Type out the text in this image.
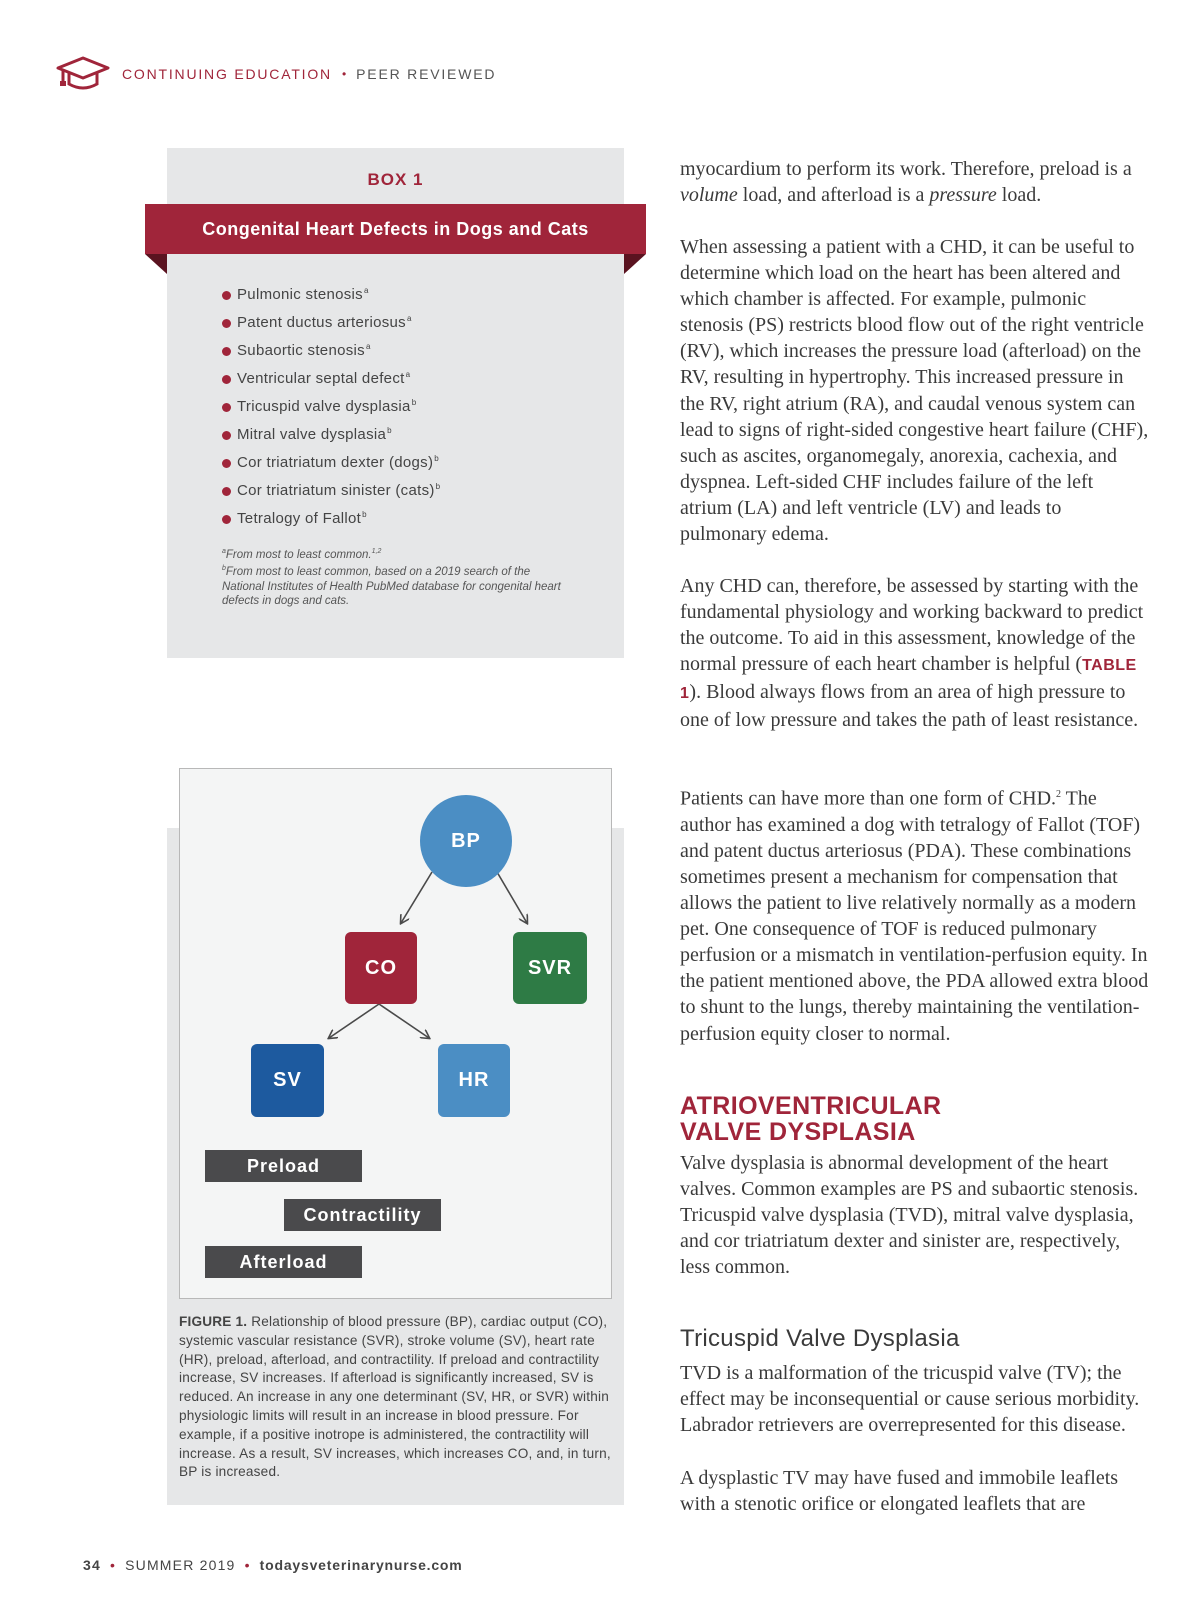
CONTINUING EDUCATION • PEER REVIEWED
BOX 1
Congenital Heart Defects in Dogs and Cats
Pulmonic stenosis$^a$
Patent ductus arteriosus$^a$
Subaortic stenosis$^a$
Ventricular septal defect$^a$
Tricuspid valve dysplasia$^b$
Mitral valve dysplasia$^b$
Cor triatriatum dexter (dogs)$^b$
Cor triatriatum sinister (cats)$^b$
Tetralogy of Fallot$^b$
$^a$From most to least common.$^{1,2}$
$^b$From most to least common, based on a 2019 search of the National Institutes of Health PubMed database for congenital heart defects in dogs and cats.
BP
CO	SVR
SV	HR
Preload
Contractility
Afterload
FIGURE 1. Relationship of blood pressure (BP), cardiac output (CO), systemic vascular resistance (SVR), stroke volume (SV), heart rate (HR), preload, afterload, and contractility. If preload and contractility increase, SV increases. If afterload is significantly increased, SV is reduced. An increase in any one determinant (SV, HR, or SVR) within physiologic limits will result in an increase in blood pressure. For example, if a positive inotrope is administered, the contractility will increase. As a result, SV increases, which increases CO, and, in turn, BP is increased.

myocardium to perform its work. Therefore, preload is a volume load, and afterload is a pressure load.

When assessing a patient with a CHD, it can be useful to determine which load on the heart has been altered and which chamber is affected. For example, pulmonic stenosis (PS) restricts blood flow out of the right ventricle (RV), which increases the pressure load (afterload) on the RV, resulting in hypertrophy. This increased pressure in the RV, right atrium (RA), and caudal venous system can lead to signs of right-sided congestive heart failure (CHF), such as ascites, organomegaly, anorexia, cachexia, and dyspnea. Left-sided CHF includes failure of the left atrium (LA) and left ventricle (LV) and leads to pulmonary edema.

Any CHD can, therefore, be assessed by starting with the fundamental physiology and working backward to predict the outcome. To aid in this assessment, knowledge of the normal pressure of each heart chamber is helpful (TABLE 1). Blood always flows from an area of high pressure to one of low pressure and takes the path of least resistance.

Patients can have more than one form of CHD.$^2$ The author has examined a dog with tetralogy of Fallot (TOF) and patent ductus arteriosus (PDA). These combinations sometimes present a mechanism for compensation that allows the patient to live relatively normally as a modern pet. One consequence of TOF is reduced pulmonary perfusion or a mismatch in ventilation-perfusion equity. In the patient mentioned above, the PDA allowed extra blood to shunt to the lungs, thereby maintaining the ventilation-perfusion equity closer to normal.

ATRIOVENTRICULAR
VALVE DYSPLASIA

Valve dysplasia is abnormal development of the heart valves. Common examples are PS and subaortic stenosis. Tricuspid valve dysplasia (TVD), mitral valve dysplasia, and cor triatriatum dexter and sinister are, respectively, less common.

Tricuspid Valve Dysplasia

TVD is a malformation of the tricuspid valve (TV); the effect may be inconsequential or cause serious morbidity. Labrador retrievers are overrepresented for this disease.

A dysplastic TV may have fused and immobile leaflets with a stenotic orifice or elongated leaflets that are

34 • SUMMER 2019 • todaysveterinarynurse.com
